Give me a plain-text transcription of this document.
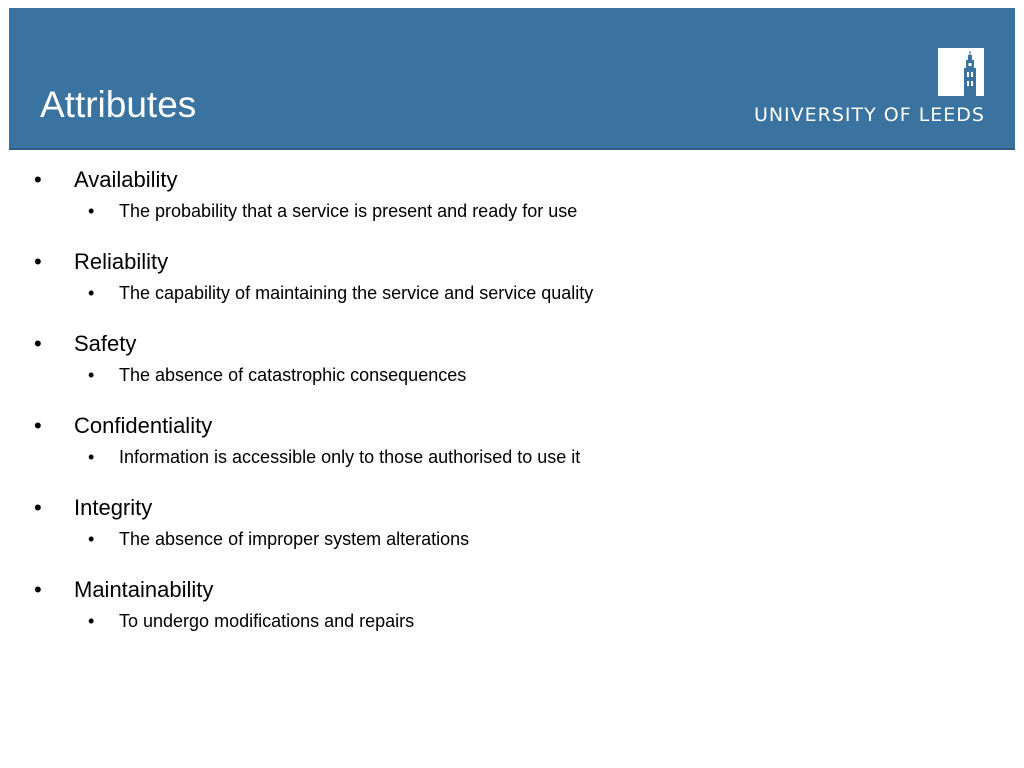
Attributes	UNIVERSITY OF LEEDS
• Availability
• The probability that a service is present and ready for use
• Reliability
• The capability of maintaining the service and service quality
• Safety
• The absence of catastrophic consequences
• Confidentiality
• Information is accessible only to those authorised to use it
• Integrity
• The absence of improper system alterations
• Maintainability
• To undergo modifications and repairs
